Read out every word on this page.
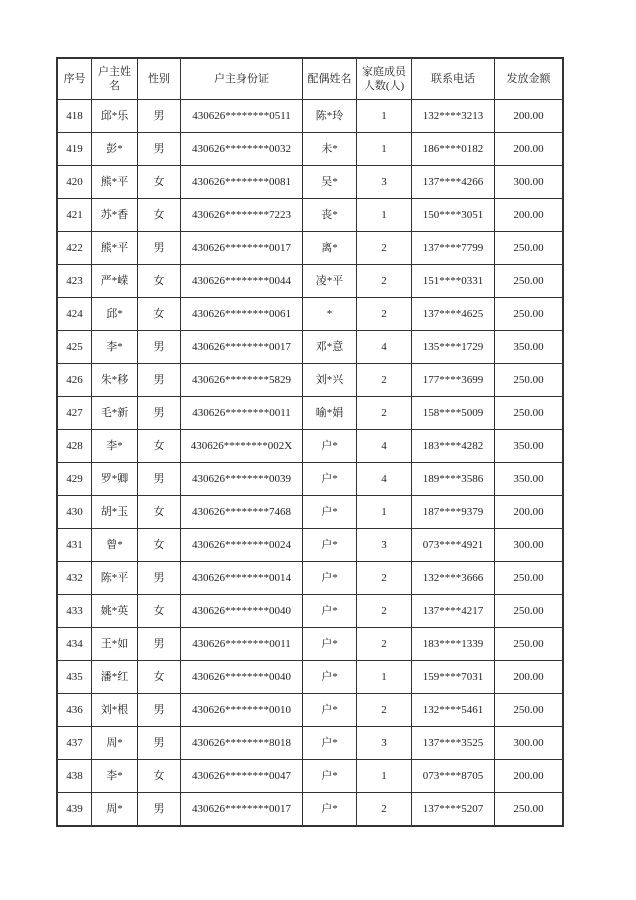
序号	户主姓名	性别	户主身份证	配偶姓名	家庭成员人数(人)	联系电话	发放金额
418	邱*乐	男	430626********0511	陈*玲	1	132****3213	200.00
419	彭*	男	430626********0032	未*	1	186****0182	200.00
420	熊*平	女	430626********0081	吴*	3	137****4266	300.00
421	苏*香	女	430626********7223	丧*	1	150****3051	200.00
422	熊*平	男	430626********0017	离*	2	137****7799	250.00
423	严*嵘	女	430626********0044	凌*平	2	151****0331	250.00
424	邱*	女	430626********0061	*	2	137****4625	250.00
425	李*	男	430626********0017	邓*意	4	135****1729	350.00
426	朱*移	男	430626********5829	刘*兴	2	177****3699	250.00
427	毛*新	男	430626********0011	喻*娟	2	158****5009	250.00
428	李*	女	430626********002X	户*	4	183****4282	350.00
429	罗*卿	男	430626********0039	户*	4	189****3586	350.00
430	胡*玉	女	430626********7468	户*	1	187****9379	200.00
431	曾*	女	430626********0024	户*	3	073****4921	300.00
432	陈*平	男	430626********0014	户*	2	132****3666	250.00
433	姚*英	女	430626********0040	户*	2	137****4217	250.00
434	王*如	男	430626********0011	户*	2	183****1339	250.00
435	潘*红	女	430626********0040	户*	1	159****7031	200.00
436	刘*根	男	430626********0010	户*	2	132****5461	250.00
437	周*	男	430626********8018	户*	3	137****3525	300.00
438	李*	女	430626********0047	户*	1	073****8705	200.00
439	周*	男	430626********0017	户*	2	137****5207	250.00
